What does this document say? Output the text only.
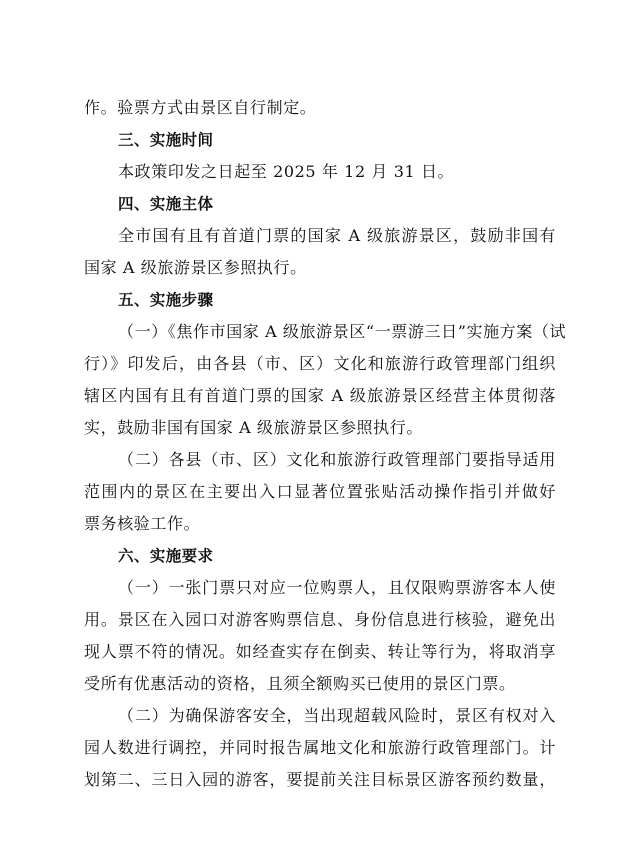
作。验票方式由景区自行制定。
三、实施时间
本政策印发之日起至 2025 年 12 月 31 日。
四、实施主体
全市国有且有首道门票的国家 A 级旅游景区，鼓励非国有
国家 A 级旅游景区参照执行。
五、实施步骤
（一）《焦作市国家 A 级旅游景区“一票游三日”实施方案（试
行）》印发后，由各县（市、区）文化和旅游行政管理部门组织
辖区内国有且有首道门票的国家 A 级旅游景区经营主体贯彻落
实，鼓励非国有国家 A 级旅游景区参照执行。
（二）各县（市、区）文化和旅游行政管理部门要指导适用
范围内的景区在主要出入口显著位置张贴活动操作指引并做好
票务核验工作。
六、实施要求
（一）一张门票只对应一位购票人，且仅限购票游客本人使
用。景区在入园口对游客购票信息、身份信息进行核验，避免出
现人票不符的情况。如经查实存在倒卖、转让等行为，将取消享
受所有优惠活动的资格，且须全额购买已使用的景区门票。
（二）为确保游客安全，当出现超载风险时，景区有权对入
园人数进行调控，并同时报告属地文化和旅游行政管理部门。计
划第二、三日入园的游客，要提前关注目标景区游客预约数量，
